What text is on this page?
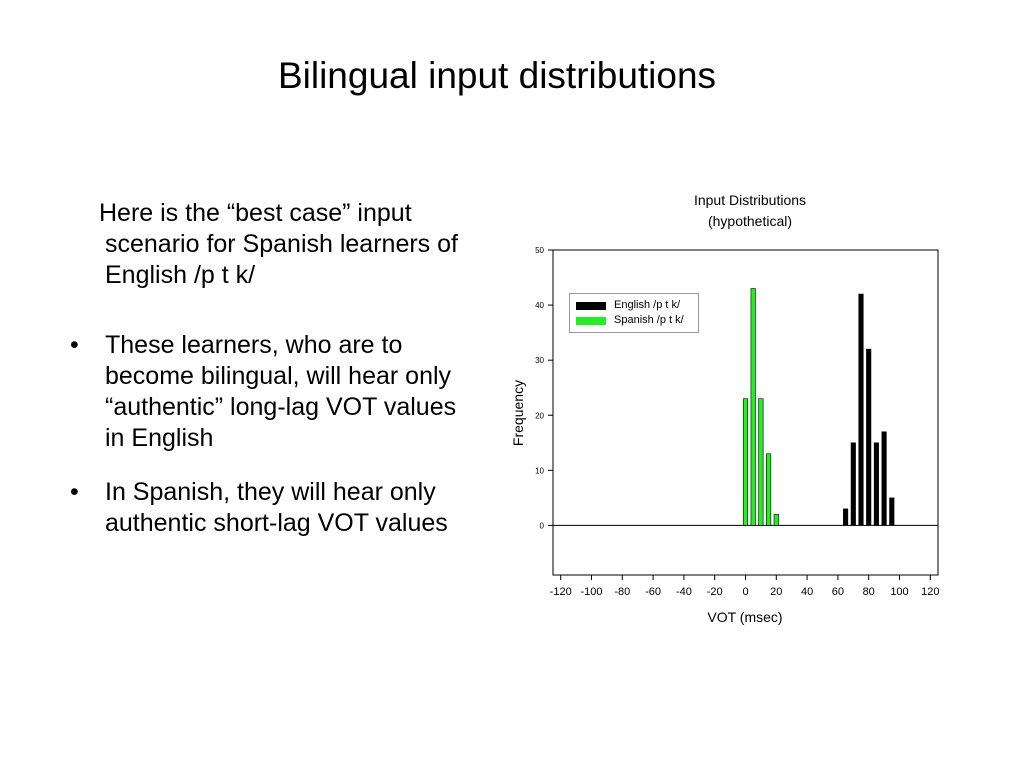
Bilingual input distributions
Here is the “best case” input scenario for Spanish learners of English /p t k/
• These learners, who are to become bilingual, will hear only “authentic” long-lag VOT values in English
• In Spanish, they will hear only authentic short-lag VOT values
Input Distributions
(hypothetical)
0
10
20
30
40
50
-120 -100 -80 -60 -40 -20 0 20 40 60 80 100 120
VOT (msec)
Frequency
English /p t k/
Spanish /p t k/
